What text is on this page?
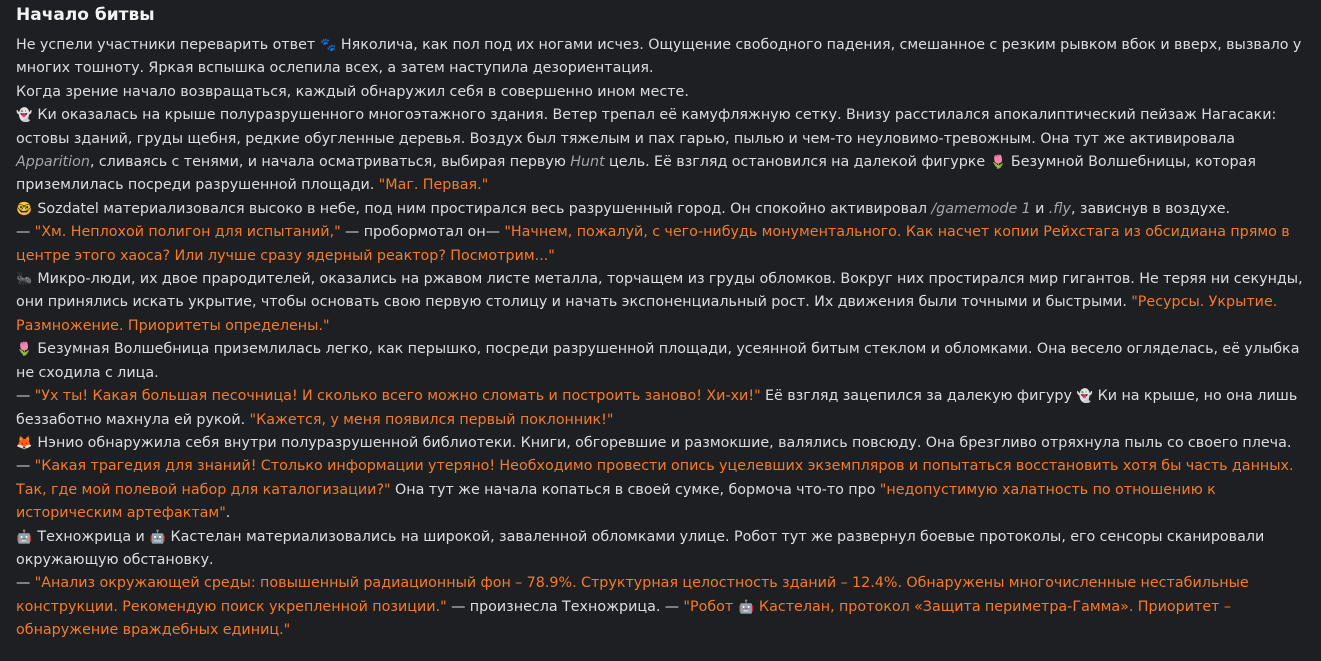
Начало битвы

Не успели участники переварить ответ 🐾 Няколича, как пол под их ногами исчез. Ощущение свободного падения, смешанное с резким рывком вбок и вверх, вызвало у многих тошноту. Яркая вспышка ослепила всех, а затем наступила дезориентация.

Когда зрение начало возвращаться, каждый обнаружил себя в совершенно ином месте.

👻 Ки оказалась на крыше полуразрушенного многоэтажного здания. Ветер трепал её камуфляжную сетку. Внизу расстилался апокалиптический пейзаж Нагасаки: остовы зданий, груды щебня, редкие обугленные деревья. Воздух был тяжелым и пах гарью, пылью и чем-то неуловимо-тревожным. Она тут же активировала Apparition, сливаясь с тенями, и начала осматриваться, выбирая первую Hunt цель. Её взгляд остановился на далекой фигурке 🌷 Безумной Волшебницы, которая приземлилась посреди разрушенной площади. "Маг. Первая."

🤓 Sozdatel материализовался высоко в небе, под ним простирался весь разрушенный город. Он спокойно активировал /gamemode 1 и .fly, зависнув в воздухе.

— "Хм. Неплохой полигон для испытаний," — пробормотал он— "Начнем, пожалуй, с чего-нибудь монументального. Как насчет копии Рейхстага из обсидиана прямо в центре этого хаоса? Или лучше сразу ядерный реактор? Посмотрим..."

🐜 Микро-люди, их двое прародителей, оказались на ржавом листе металла, торчащем из груды обломков. Вокруг них простирался мир гигантов. Не теряя ни секунды, они принялись искать укрытие, чтобы основать свою первую столицу и начать экспоненциальный рост. Их движения были точными и быстрыми. "Ресурсы. Укрытие. Размножение. Приоритеты определены."

🌷 Безумная Волшебница приземлилась легко, как перышко, посреди разрушенной площади, усеянной битым стеклом и обломками. Она весело огляделась, её улыбка не сходила с лица.

— "Ух ты! Какая большая песочница! И сколько всего можно сломать и построить заново! Хи-хи!" Её взгляд зацепился за далекую фигуру 👻 Ки на крыше, но она лишь беззаботно махнула ей рукой. "Кажется, у меня появился первый поклонник!"

🦊 Нэнио обнаружила себя внутри полуразрушенной библиотеки. Книги, обгоревшие и размокшие, валялись повсюду. Она брезгливо отряхнула пыль со своего плеча.

— "Какая трагедия для знаний! Столько информации утеряно! Необходимо провести опись уцелевших экземпляров и попытаться восстановить хотя бы часть данных. Так, где мой полевой набор для каталогизации?" Она тут же начала копаться в своей сумке, бормоча что-то про "недопустимую халатность по отношению к историческим артефактам".

🤖 Техножрица и 🤖 Кастелан материализовались на широкой, заваленной обломками улице. Робот тут же развернул боевые протоколы, его сенсоры сканировали окружающую обстановку.

— "Анализ окружающей среды: повышенный радиационный фон – 78.9%. Структурная целостность зданий – 12.4%. Обнаружены многочисленные нестабильные конструкции. Рекомендую поиск укрепленной позиции." — произнесла Техножрица. — "Робот 🤖 Кастелан, протокол «Защита периметра-Гамма». Приоритет – обнаружение враждебных единиц."
